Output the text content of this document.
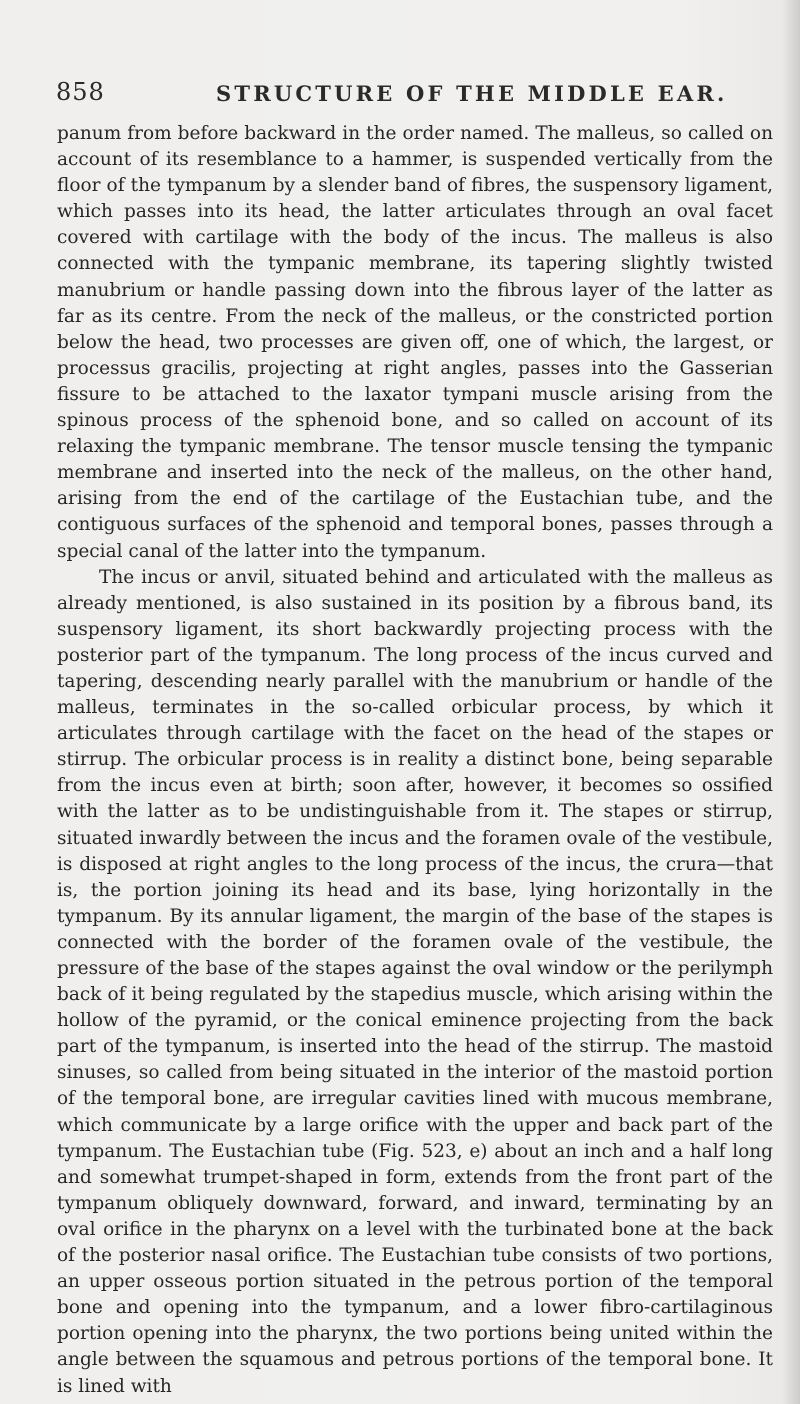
858	STRUCTURE OF THE MIDDLE EAR.

panum from before backward in the order named. The malleus, so called on account of its resemblance to a hammer, is suspended vertically from the floor of the tympanum by a slender band of fibres, the suspensory ligament, which passes into its head, the latter articulates through an oval facet covered with cartilage with the body of the incus. The malleus is also connected with the tympanic membrane, its tapering slightly twisted manubrium or handle passing down into the fibrous layer of the latter as far as its centre. From the neck of the malleus, or the constricted portion below the head, two processes are given off, one of which, the largest, or processus gracilis, projecting at right angles, passes into the Gasserian fissure to be attached to the laxator tympani muscle arising from the spinous process of the sphenoid bone, and so called on account of its relaxing the tympanic membrane. The tensor muscle tensing the tympanic membrane and inserted into the neck of the malleus, on the other hand, arising from the end of the cartilage of the Eustachian tube, and the contiguous surfaces of the sphenoid and temporal bones, passes through a special canal of the latter into the tympanum.

The incus or anvil, situated behind and articulated with the malleus as already mentioned, is also sustained in its position by a fibrous band, its suspensory ligament, its short backwardly projecting process with the posterior part of the tympanum. The long process of the incus curved and tapering, descending nearly parallel with the manubrium or handle of the malleus, terminates in the so-called orbicular process, by which it articulates through cartilage with the facet on the head of the stapes or stirrup. The orbicular process is in reality a distinct bone, being separable from the incus even at birth; soon after, however, it becomes so ossified with the latter as to be undistinguishable from it. The stapes or stirrup, situated inwardly between the incus and the foramen ovale of the vestibule, is disposed at right angles to the long process of the incus, the crura—that is, the portion joining its head and its base, lying horizontally in the tympanum. By its annular ligament, the margin of the base of the stapes is connected with the border of the foramen ovale of the vestibule, the pressure of the base of the stapes against the oval window or the perilymph back of it being regulated by the stapedius muscle, which arising within the hollow of the pyramid, or the conical eminence projecting from the back part of the tympanum, is inserted into the head of the stirrup. The mastoid sinuses, so called from being situated in the interior of the mastoid portion of the temporal bone, are irregular cavities lined with mucous membrane, which communicate by a large orifice with the upper and back part of the tympanum. The Eustachian tube (Fig. 523, e) about an inch and a half long and somewhat trumpet-shaped in form, extends from the front part of the tympanum obliquely downward, forward, and inward, terminating by an oval orifice in the pharynx on a level with the turbinated bone at the back of the posterior nasal orifice. The Eustachian tube consists of two portions, an upper osseous portion situated in the petrous portion of the temporal bone and opening into the tympanum, and a lower fibro-cartilaginous portion opening into the pharynx, the two portions being united within the angle between the squamous and petrous portions of the temporal bone. It is lined with
